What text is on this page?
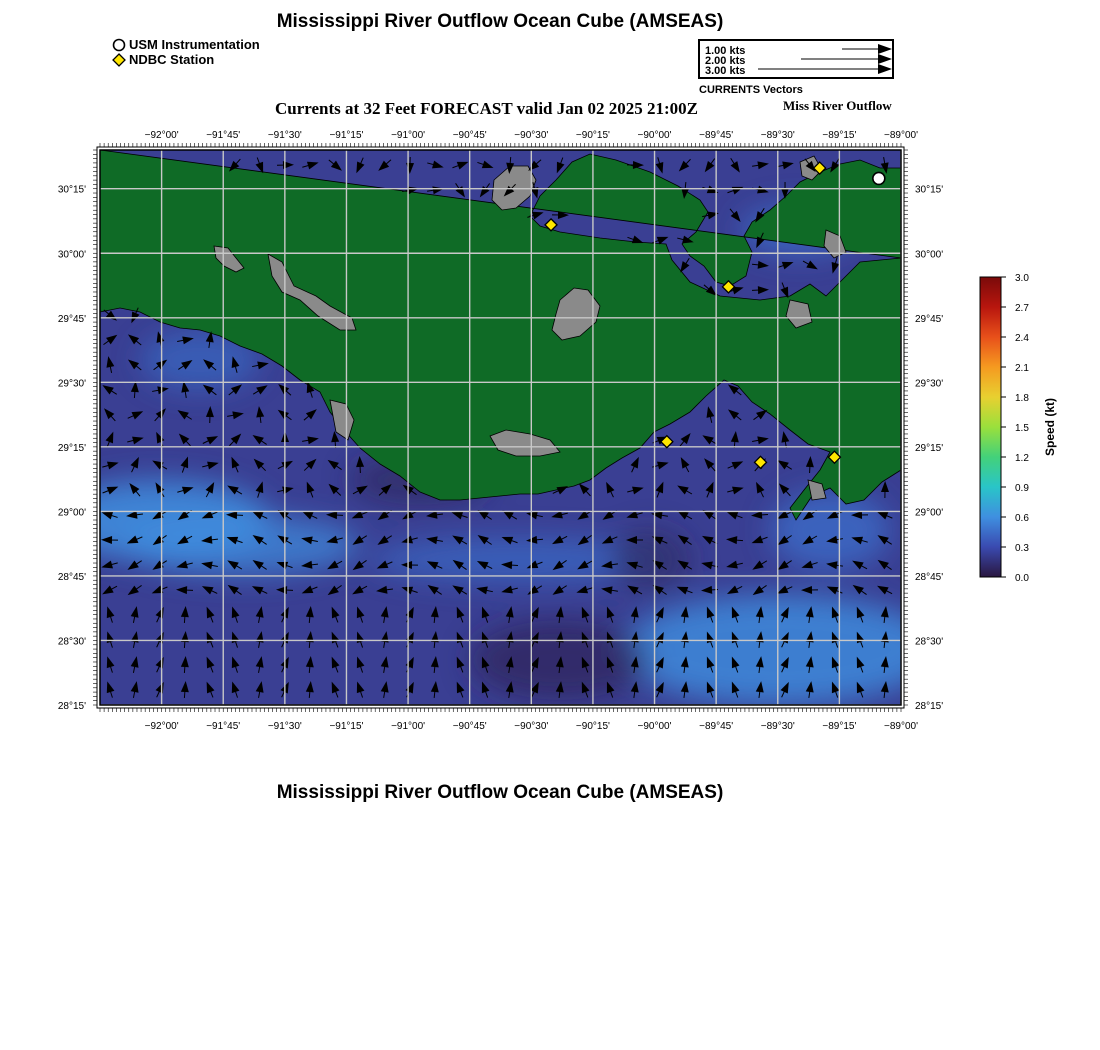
Mississippi River Outflow Ocean Cube (AMSEAS)
USM Instrumentation
NDBC Station
1.00 kts
2.00 kts
3.00 kts
CURRENTS Vectors
Currents at 32 Feet FORECAST valid Jan 02 2025 21:00Z	Miss River Outflow
−92°00'
−92°00'
−91°45'
−91°45'
−91°30'
−91°30'
−91°15'
−91°15'
−91°00'
−91°00'
−90°45'
−90°45'
−90°30'
−90°30'
−90°15'
−90°15'
−90°00'
−90°00'
−89°45'
−89°45'
−89°30'
−89°30'
−89°15'
−89°15'
−89°00'
−89°00'
30°15'	30°15'
30°00'	30°00'
29°45'	29°45'
29°30'	29°30'
29°15'	29°15'
29°00'	29°00'
28°45'	28°45'
28°30'	28°30'
28°15'	28°15'
3.0
2.7
2.4
2.1
1.8
1.5
1.2
0.9
0.6
0.3
0.0
Speed (kt)
Mississippi River Outflow Ocean Cube (AMSEAS)
